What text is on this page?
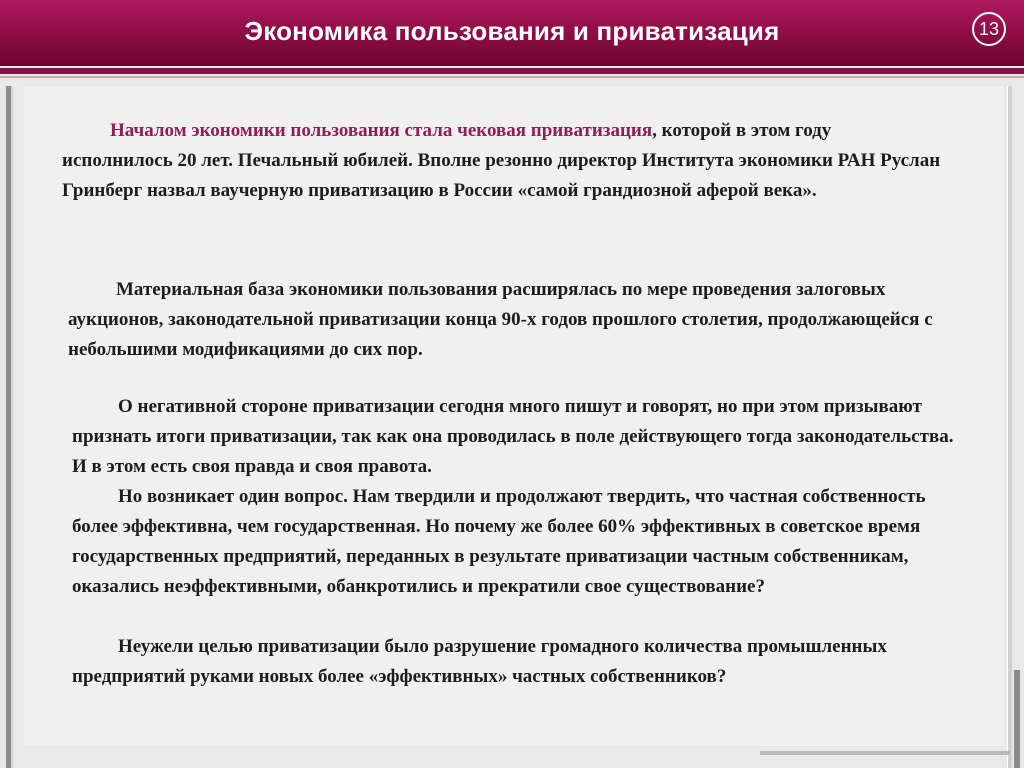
Экономика пользования и приватизация	13

Началом экономики пользования стала чековая приватизация, которой в этом году исполнилось 20 лет. Печальный юбилей. Вполне резонно директор Института экономики РАН Руслан Гринберг назвал ваучерную приватизацию в России «самой грандиозной аферой века».

Материальная база экономики пользования расширялась по мере проведения залоговых аукционов, законодательной приватизации конца 90-х годов прошлого столетия, продолжающейся с небольшими модификациями до сих пор.

О негативной стороне приватизации сегодня много пишут и говорят, но при этом призывают признать итоги приватизации, так как она проводилась в поле действующего тогда законодательства. И в этом есть своя правда и своя правота.

Но возникает один вопрос. Нам твердили и продолжают твердить, что частная собственность более эффективна, чем государственная. Но почему же более 60% эффективных в советское время государственных предприятий, переданных в результате приватизации частным собственникам, оказались неэффективными, обанкротились и прекратили свое существование?

Неужели целью приватизации было разрушение громадного количества промышленных предприятий руками новых более «эффективных» частных собственников?
